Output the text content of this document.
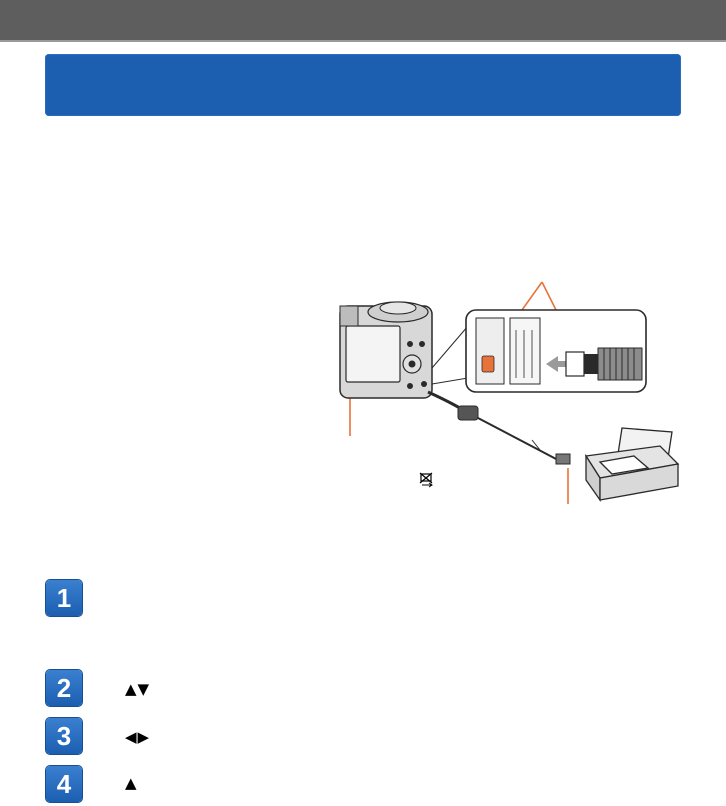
1
2	▲▼
3	◀▶
4	▲
